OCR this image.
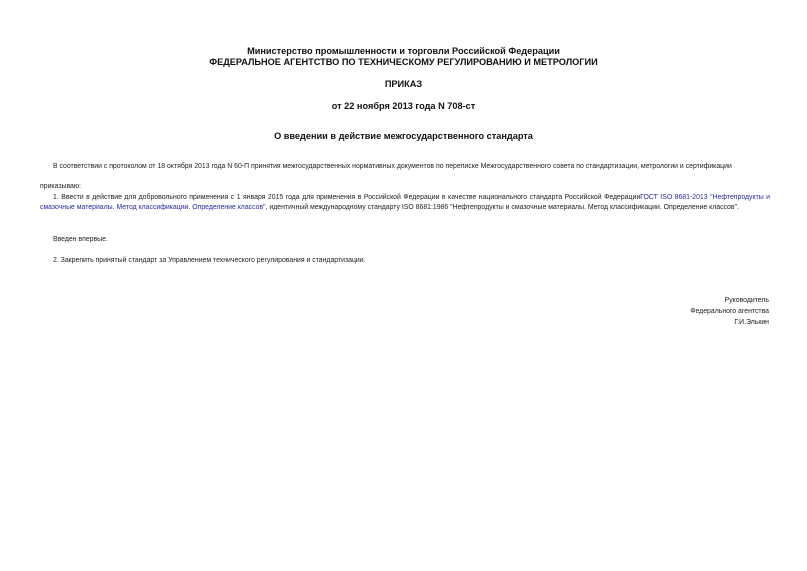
Министерство промышленности и торговли Российской Федерации
ФЕДЕРАЛЬНОЕ АГЕНТСТВО ПО ТЕХНИЧЕСКОМУ РЕГУЛИРОВАНИЮ И МЕТРОЛОГИИ
ПРИКАЗ
от 22 ноября 2013 года N 708-ст
О введении в действие межгосударственного стандарта
В соответствии с протоколом от 18 октября 2013 года N 60-П принятия межгосударственных нормативных документов по переписке Межгосударственного совета по стандартизации, метрологии и сертификации
приказываю:
1. Ввести в действие для добровольного применения с 1 января 2015 года для применения в Российской Федерации в качестве национального стандарта Российской ФедерацииГОСТ ISO 8681-2013 "Нефтепродукты и смазочные материалы. Метод классификации. Определение классов", идентичный международному стандарту ISO 8681:1986 "Нефтепродукты и смазочные материалы. Метод классификации. Определение классов".
Введен впервые.
2. Закрепить принятый стандарт за Управлением технического регулирования и стандартизации.
Руководитель
Федерального агентства
Г.И.Элькин
